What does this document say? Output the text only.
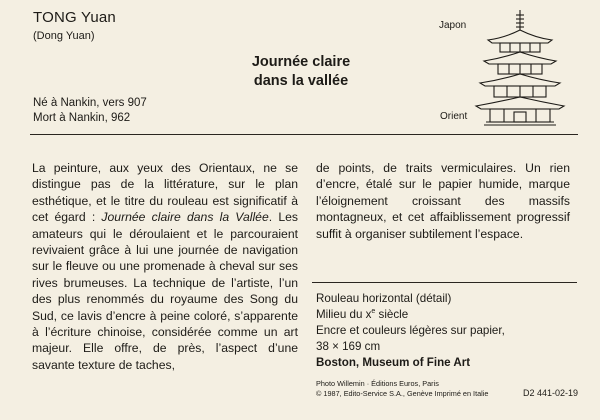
TONG Yuan
(Dong Yuan)
Journée claire
dans la vallée
Né à Nankin, vers 907
Mort à Nankin, 962
Japon
Orient
La peinture, aux yeux des Orientaux, ne se distingue pas de la littérature, sur le plan esthétique, et le titre du rouleau est significatif à cet égard : Journée claire dans la Vallée. Les amateurs qui le déroulaient et le parcouraient revivaient grâce à lui une journée de navigation sur le fleuve ou une promenade à cheval sur ses rives brumeuses. La technique de l’artiste, l’un des plus renommés du royaume des Song du Sud, ce lavis d’encre à peine coloré, s’apparente à l’écriture chinoise, considérée comme un art majeur. Elle offre, de près, l’aspect d’une savante texture de taches,
de points, de traits vermiculaires. Un rien d’encre, étalé sur le papier humide, marque l’éloignement croissant des massifs montagneux, et cet affaiblissement progressif suffit à organiser subtilement l’espace.
Rouleau horizontal (détail)
Milieu du $x^e$ siècle
Encre et couleurs légères sur papier,
38 × 169 cm
Boston, Museum of Fine Art
Photo Willemin · Éditions Euros, Paris
© 1987, Edito-Service S.A., Genève Imprimé en Italie	D2 441-02-19
